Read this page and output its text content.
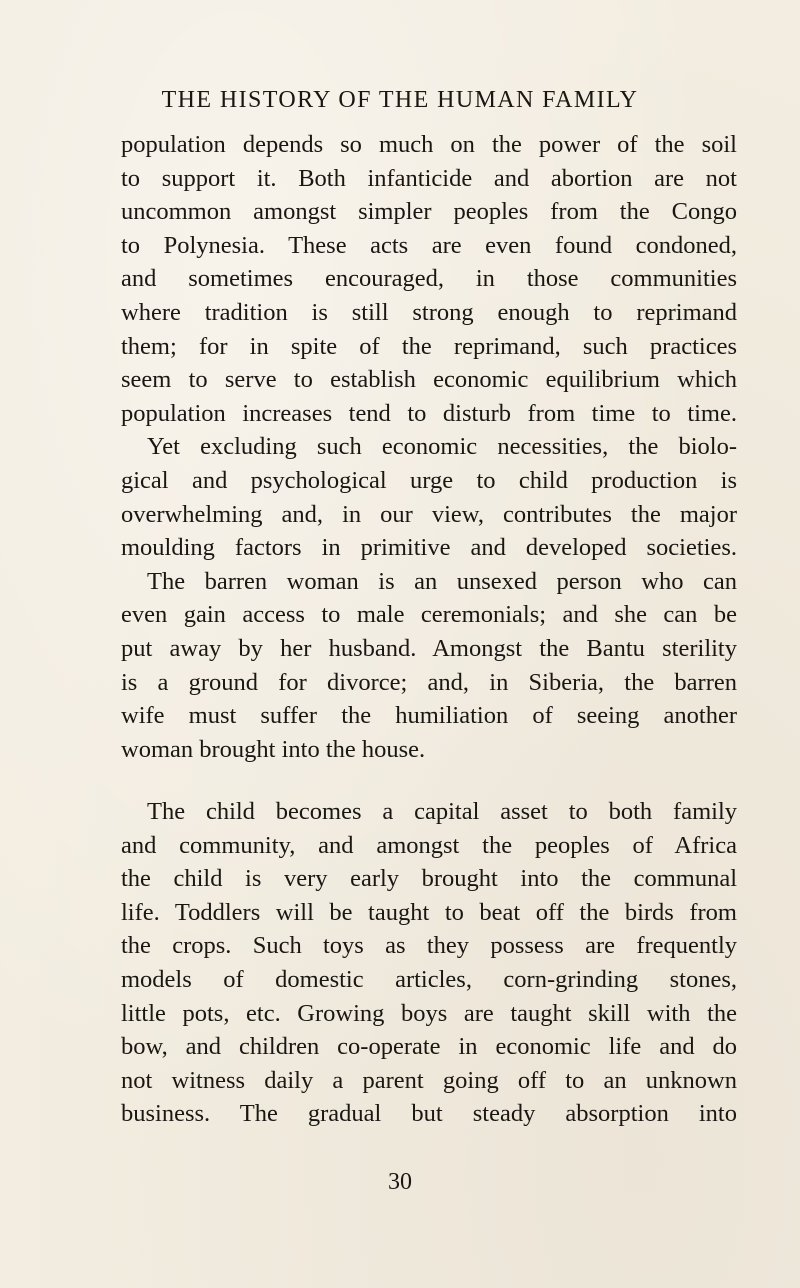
THE HISTORY OF THE HUMAN FAMILY
population depends so much on the power of the soil
to support it. Both infanticide and abortion are not
uncommon amongst simpler peoples from the Congo
to Polynesia. These acts are even found condoned,
and sometimes encouraged, in those communities
where tradition is still strong enough to reprimand
them; for in spite of the reprimand, such practices
seem to serve to establish economic equilibrium which
population increases tend to disturb from time to time.
Yet excluding such economic necessities, the biolo-
gical and psychological urge to child production is
overwhelming and, in our view, contributes the major
moulding factors in primitive and developed societies.
The barren woman is an unsexed person who can
even gain access to male ceremonials; and she can be
put away by her husband. Amongst the Bantu sterility
is a ground for divorce; and, in Siberia, the barren
wife must suffer the humiliation of seeing another
woman brought into the house.
The child becomes a capital asset to both family
and community, and amongst the peoples of Africa
the child is very early brought into the communal
life. Toddlers will be taught to beat off the birds from
the crops. Such toys as they possess are frequently
models of domestic articles, corn-grinding stones,
little pots, etc. Growing boys are taught skill with the
bow, and children co-operate in economic life and do
not witness daily a parent going off to an unknown
business. The gradual but steady absorption into
30
